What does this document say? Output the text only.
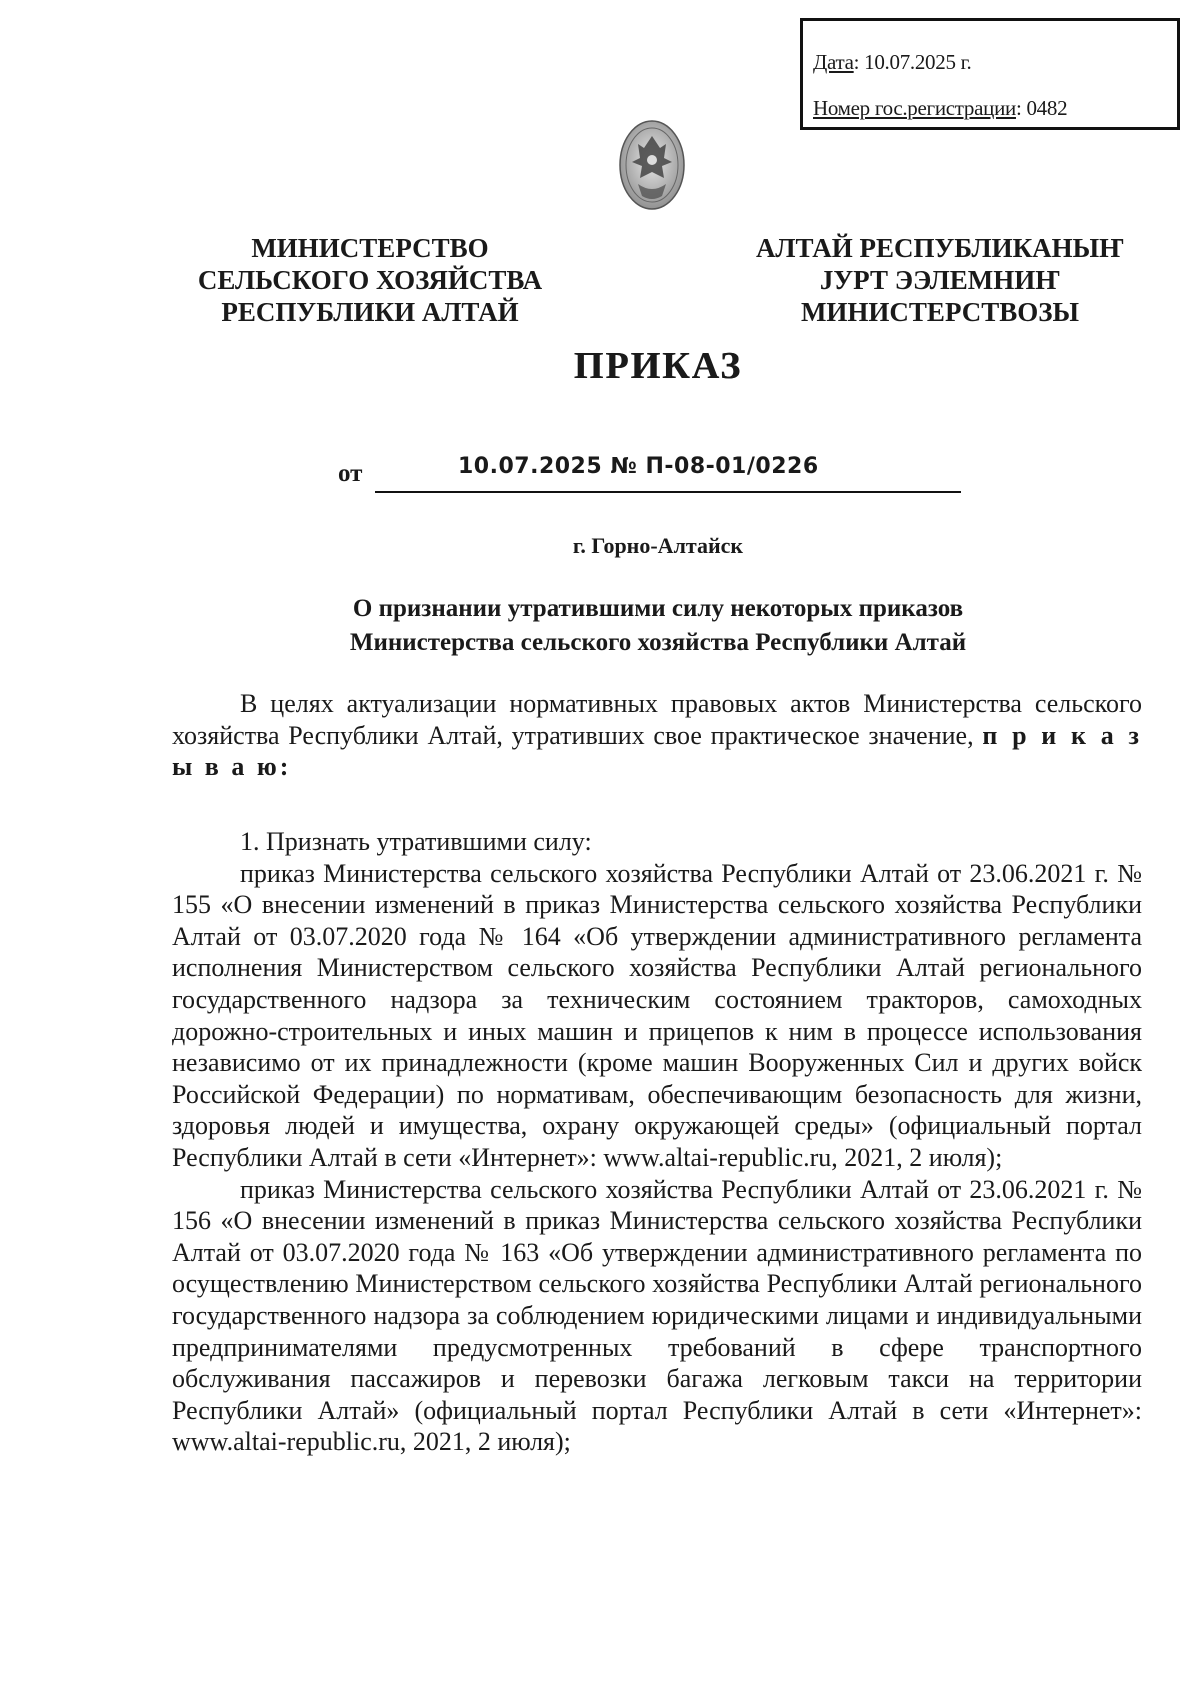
Дата: 10.07.2025 г.
Номер гос.регистрации: 0482
МИНИСТЕРСТВО
СЕЛЬСКОГО ХОЗЯЙСТВА
РЕСПУБЛИКИ АЛТАЙ
АЛТАЙ РЕСПУБЛИКАНЫҤ
ЈУРТ ЭЭЛЕМНИҤ
МИНИСТЕРСТВОЗЫ
ПРИКАЗ
от	10.07.2025 № П-08-01/0226
г. Горно-Алтайск
О признании утратившими силу некоторых приказов
Министерства сельского хозяйства Республики Алтай

В целях актуализации нормативных правовых актов Министерства сельского хозяйства Республики Алтай, утративших свое практическое значение, п р и к а з ы в а ю:

1. Признать утратившими силу:

приказ Министерства сельского хозяйства Республики Алтай от 23.06.2021 г. № 155 «О внесении изменений в приказ Министерства сельского хозяйства Республики Алтай от 03.07.2020 года № 164 «Об утверждении административного регламента исполнения Министерством сельского хозяйства Республики Алтай регионального государственного надзора за техническим состоянием тракторов, самоходных дорожно-строительных и иных машин и прицепов к ним в процессе использования независимо от их принадлежности (кроме машин Вооруженных Сил и других войск Российской Федерации) по нормативам, обеспечивающим безопасность для жизни, здоровья людей и имущества, охрану окружающей среды» (официальный портал Республики Алтай в сети «Интернет»: www.altai-republic.ru, 2021, 2 июля);

приказ Министерства сельского хозяйства Республики Алтай от 23.06.2021 г. № 156 «О внесении изменений в приказ Министерства сельского хозяйства Республики Алтай от 03.07.2020 года № 163 «Об утверждении административного регламента по осуществлению Министерством сельского хозяйства Республики Алтай регионального государственного надзора за соблюдением юридическими лицами и индивидуальными предпринимателями предусмотренных требований в сфере транспортного обслуживания пассажиров и перевозки багажа легковым такси на территории Республики Алтай» (официальный портал Республики Алтай в сети «Интернет»: www.altai-republic.ru, 2021, 2 июля);
